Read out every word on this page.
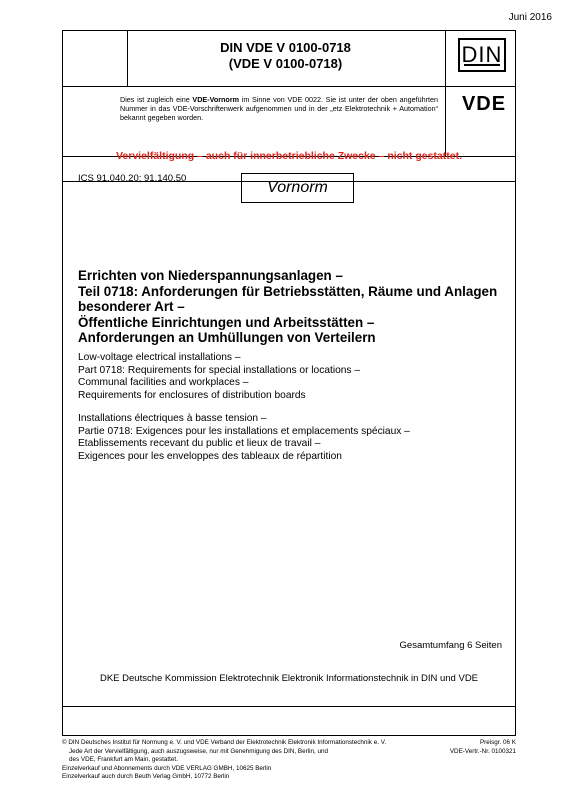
Juni 2016
DIN VDE V 0100-0718
(VDE V 0100-0718)	DIN
Dies ist zugleich eine VDE-Vornorm im Sinne von VDE 0022. Sie ist unter der oben angeführten Nummer in das VDE-Vorschriftenwerk aufgenommen und in der „etz Elektrotechnik + Automation“ bekannt gegeben worden.
VDE
Vervielfältigung – auch für innerbetriebliche Zwecke – nicht gestattet.
ICS 91.040.20; 91.140.50
Vornorm
Errichten von Niederspannungsanlagen –
Teil 0718: Anforderungen für Betriebsstätten, Räume und Anlagen
besonderer Art –
Öffentliche Einrichtungen und Arbeitsstätten –
Anforderungen an Umhüllungen von Verteilern
Low-voltage electrical installations –
Part 0718: Requirements for special installations or locations –
Communal facilities and workplaces –
Requirements for enclosures of distribution boards
Installations électriques à basse tension –
Partie 0718: Exigences pour les installations et emplacements spéciaux –
Etablissements recevant du public et lieux de travail –
Exigences pour les enveloppes des tableaux de répartition
Gesamtumfang 6 Seiten
DKE Deutsche Kommission Elektrotechnik Elektronik Informationstechnik in DIN und VDE
© DIN Deutsches Institut für Normung e. V. und VDE Verband der Elektrotechnik Elektronik Informationstechnik e. V.
Jede Art der Vervielfältigung, auch auszugsweise, nur mit Genehmigung des DIN, Berlin, und
des VDE, Frankfurt am Main, gestattet.
Einzelverkauf und Abonnements durch VDE VERLAG GMBH, 10625 Berlin
Einzelverkauf auch durch Beuth Verlag GmbH, 10772 Berlin
Preisgr. 06 K
VDE-Vertr.-Nr. 0100321
